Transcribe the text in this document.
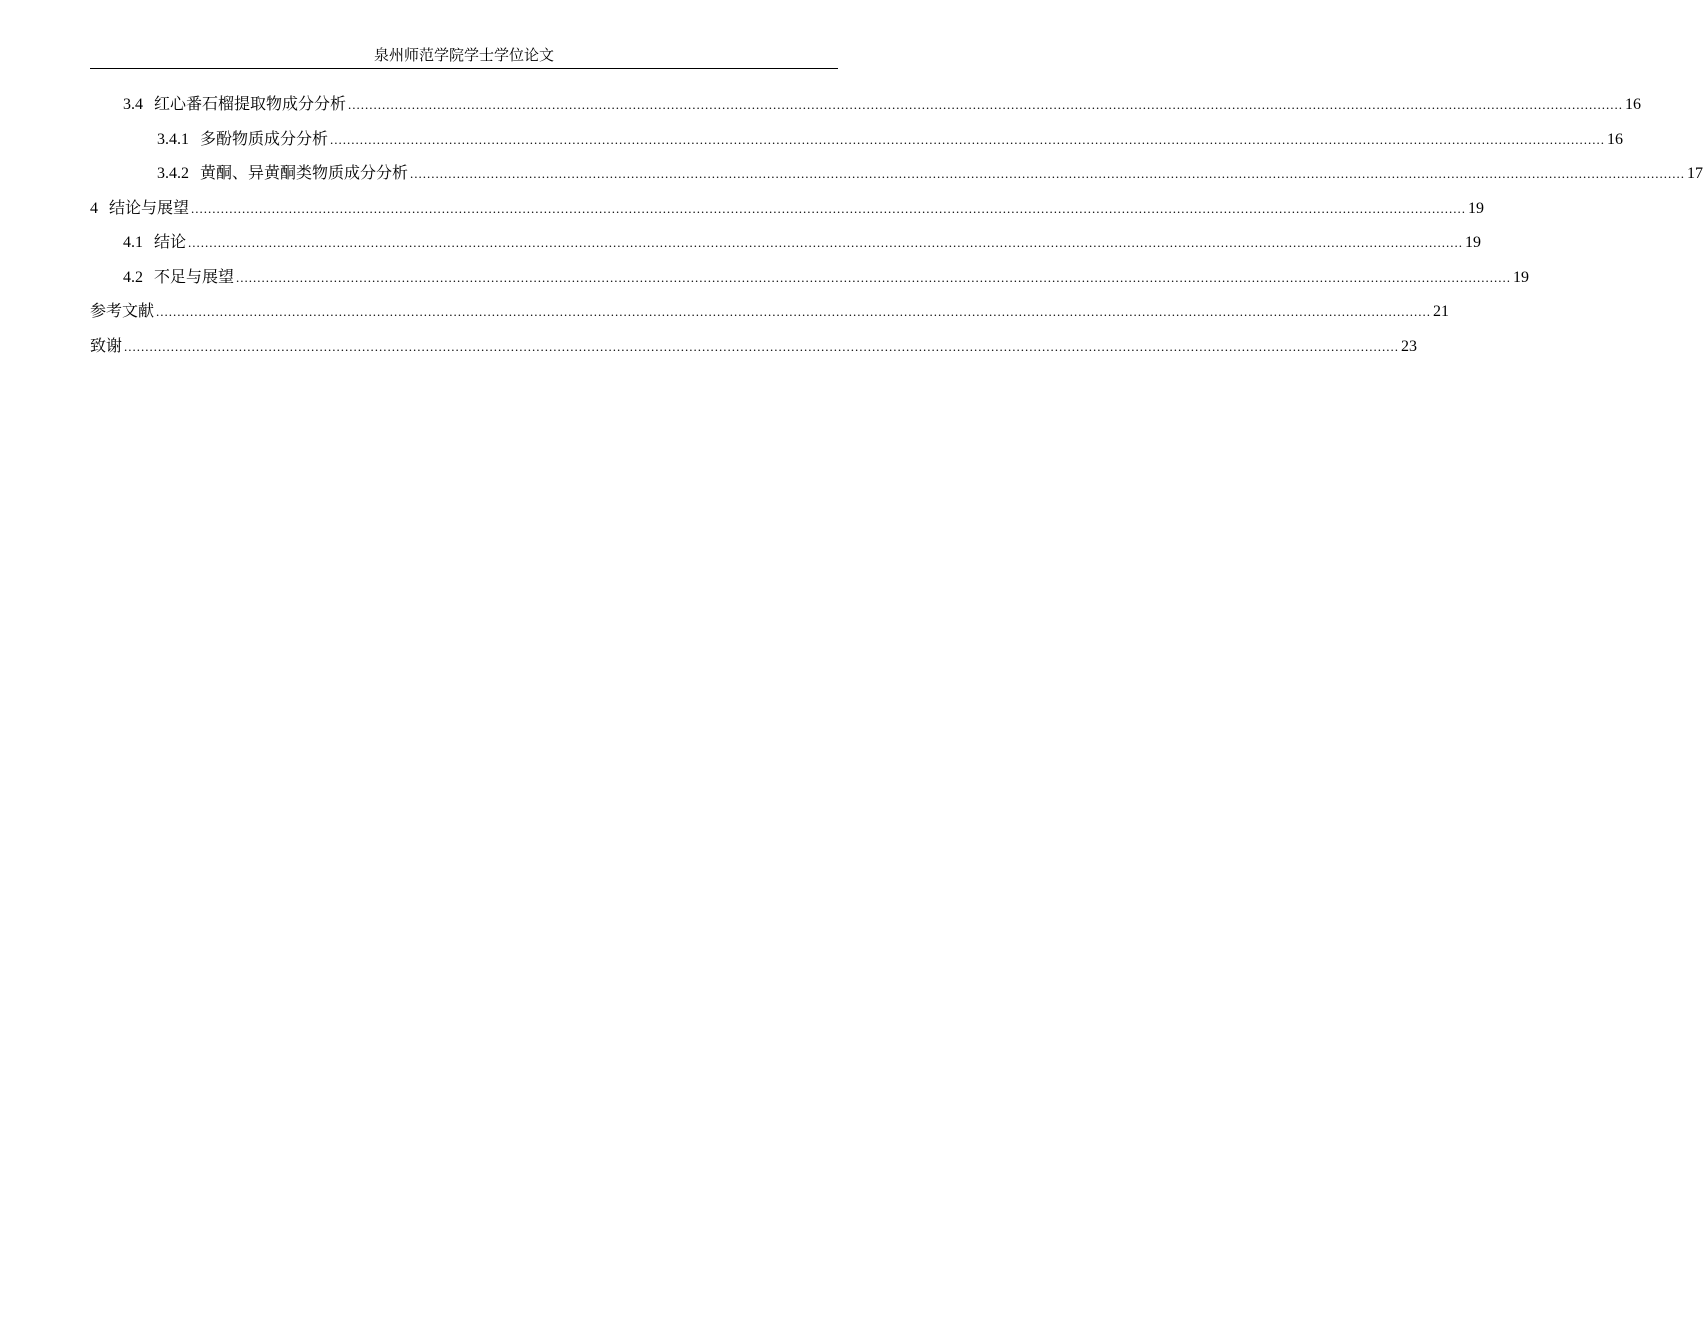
泉州师范学院学士学位论文
3.4 红心番石榴提取物成分分析 ............................................................................................................................................................................................................................................................................................................ 16
3.4.1 多酚物质成分分析 ............................................................................................................................................................................................................................................................................................................ 16
3.4.2 黄酮、异黄酮类物质成分分析 ............................................................................................................................................................................................................................................................................................................ 17
4 结论与展望 ............................................................................................................................................................................................................................................................................................................ 19
4.1 结论 ............................................................................................................................................................................................................................................................................................................ 19
4.2 不足与展望 ............................................................................................................................................................................................................................................................................................................ 19
参考文献 ............................................................................................................................................................................................................................................................................................................ 21
致谢 ............................................................................................................................................................................................................................................................................................................ 23
